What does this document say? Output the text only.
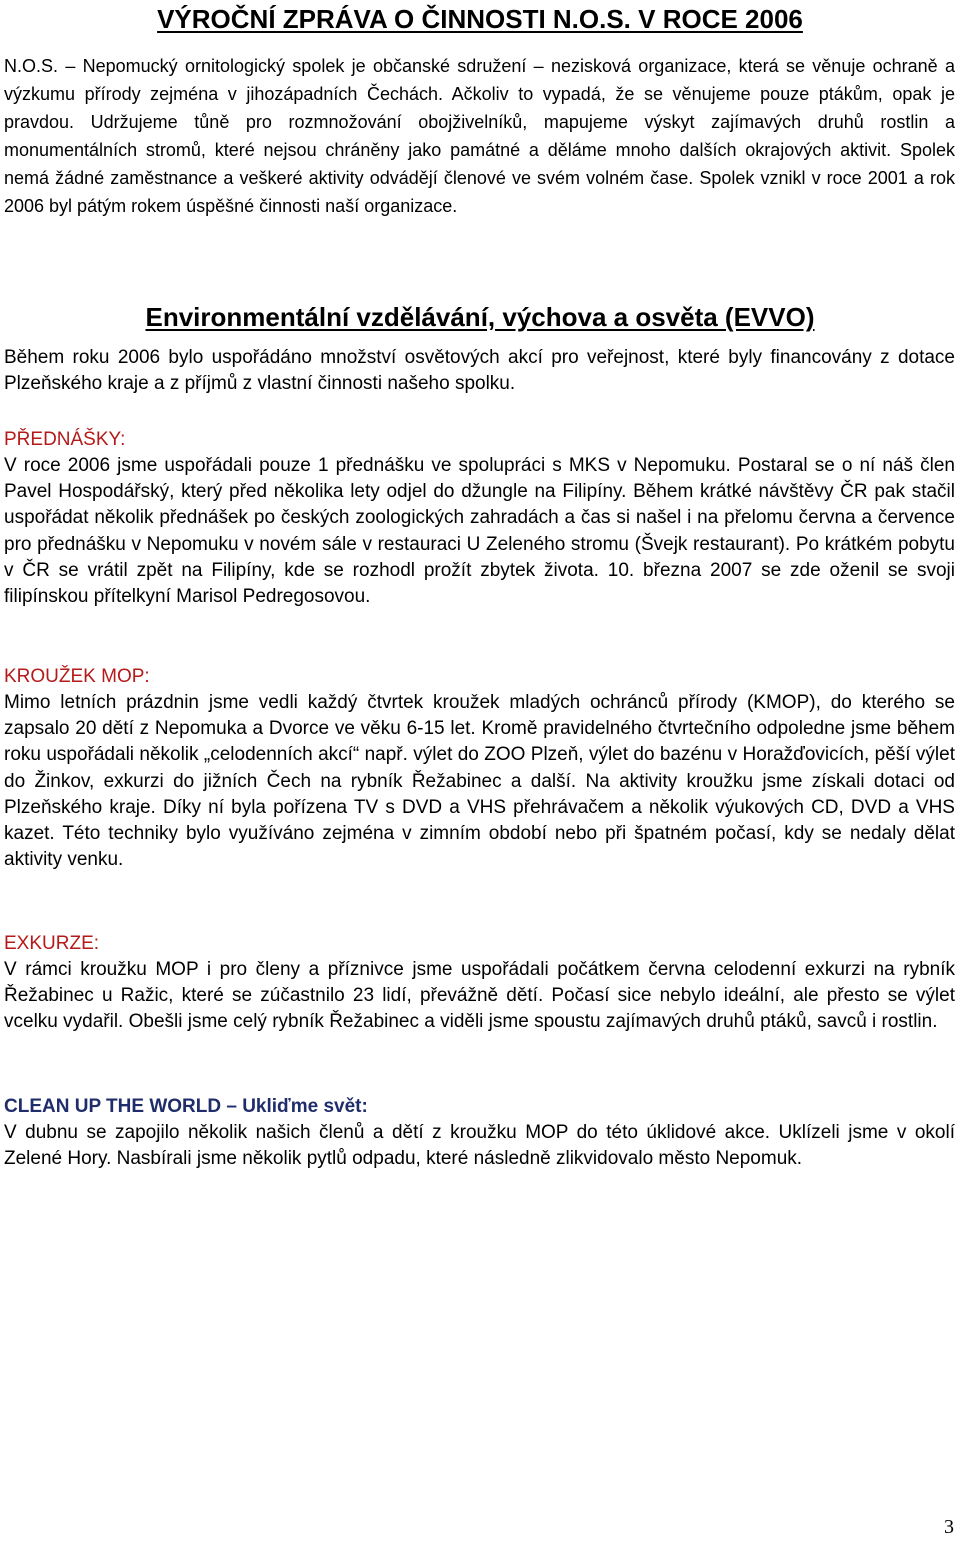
VÝROČNÍ ZPRÁVA O ČINNOSTI N.O.S. V ROCE 2006

N.O.S. – Nepomucký ornitologický spolek je občanské sdružení – nezisková organizace, která se věnuje ochraně a výzkumu přírody zejména v jihozápadních Čechách. Ačkoliv to vypadá, že se věnujeme pouze ptákům, opak je pravdou. Udržujeme tůně pro rozmnožování obojživelníků, mapujeme výskyt zajímavých druhů rostlin a monumentálních stromů, které nejsou chráněny jako památné a děláme mnoho dalších okrajových aktivit. Spolek nemá žádné zaměstnance a veškeré aktivity odvádějí členové ve svém volném čase. Spolek vznikl v roce 2001 a rok 2006 byl pátým rokem úspěšné činnosti naší organizace.

Environmentální vzdělávání, výchova a osvěta (EVVO)

Během roku 2006 bylo uspořádáno množství osvětových akcí pro veřejnost, které byly financovány z dotace Plzeňského kraje a z příjmů z vlastní činnosti našeho spolku.

PŘEDNÁŠKY:

V roce 2006 jsme uspořádali pouze 1 přednášku ve spolupráci s MKS v Nepomuku. Postaral se o ní náš člen Pavel Hospodářský, který před několika lety odjel do džungle na Filipíny. Během krátké návštěvy ČR pak stačil uspořádat několik přednášek po českých zoologických zahradách a čas si našel i na přelomu června a července pro přednášku v Nepomuku v novém sále v restauraci U Zeleného stromu (Švejk restaurant). Po krátkém pobytu v ČR se vrátil zpět na Filipíny, kde se rozhodl prožít zbytek života. 10. března 2007 se zde oženil se svoji filipínskou přítelkyní Marisol Pedregosovou.

KROUŽEK MOP:

Mimo letních prázdnin jsme vedli každý čtvrtek kroužek mladých ochránců přírody (KMOP), do kterého se zapsalo 20 dětí z Nepomuka a Dvorce ve věku 6-15 let. Kromě pravidelného čtvrtečního odpoledne jsme během roku uspořádali několik „celodenních akcí“ např. výlet do ZOO Plzeň, výlet do bazénu v Horažďovicích, pěší výlet do Žinkov, exkurzi do jižních Čech na rybník Řežabinec a další. Na aktivity kroužku jsme získali dotaci od Plzeňského kraje. Díky ní byla pořízena TV s DVD a VHS přehrávačem a několik výukových CD, DVD a VHS kazet. Této techniky bylo využíváno zejména v zimním období nebo při špatném počasí, kdy se nedaly dělat aktivity venku.

EXKURZE:

V rámci kroužku MOP i pro členy a příznivce jsme uspořádali počátkem června celodenní exkurzi na rybník Řežabinec u Ražic, které se zúčastnilo 23 lidí, převážně dětí. Počasí sice nebylo ideální, ale přesto se výlet vcelku vydařil. Obešli jsme celý rybník Řežabinec a viděli jsme spoustu zajímavých druhů ptáků, savců i rostlin.

CLEAN UP THE WORLD – Ukliďme svět:

V dubnu se zapojilo několik našich členů a dětí z kroužku MOP do této úklidové akce. Uklízeli jsme v okolí Zelené Hory. Nasbírali jsme několik pytlů odpadu, které následně zlikvidovalo město Nepomuk.

3
